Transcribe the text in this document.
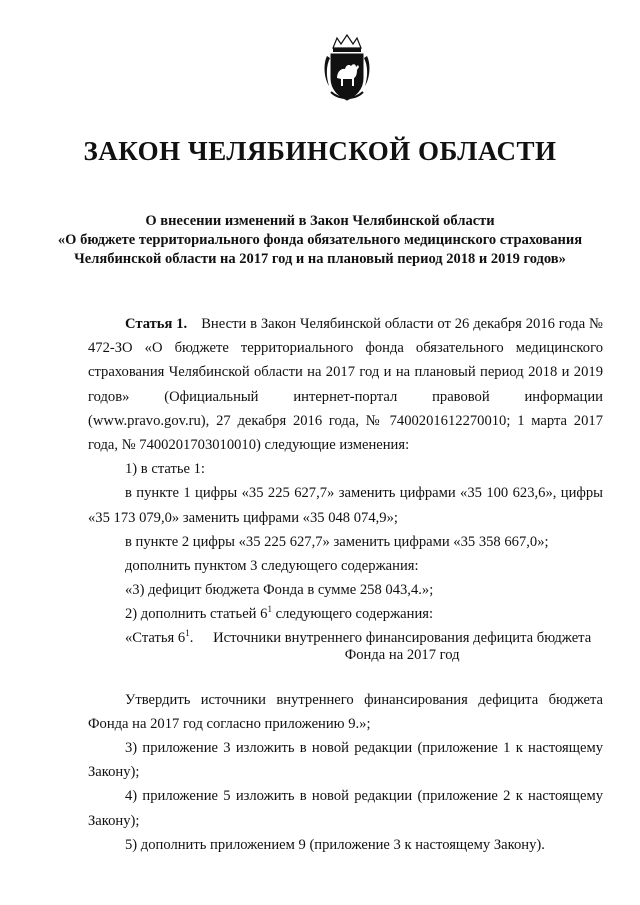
ЗАКОН ЧЕЛЯБИНСКОЙ ОБЛАСТИ
О внесении изменений в Закон Челябинской области
«О бюджете территориального фонда обязательного медицинского страхования
Челябинской области на 2017 год и на плановый период 2018 и 2019 годов»

Статья 1. Внести в Закон Челябинской области от 26 декабря 2016 года № 472-ЗО «О бюджете территориального фонда обязательного медицинского страхования Челябинской области на 2017 год и на плановый период 2018 и 2019 годов» (Официальный интернет-портал правовой информации (www.pravo.gov.ru), 27 декабря 2016 года, № 7400201612270010; 1 марта 2017 года, № 7400201703010010) следующие изменения:

1) в статье 1:

в пункте 1 цифры «35 225 627,7» заменить цифрами «35 100 623,6», цифры «35 173 079,0» заменить цифрами «35 048 074,9»;

в пункте 2 цифры «35 225 627,7» заменить цифрами «35 358 667,0»;

дополнить пунктом 3 следующего содержания:

«3) дефицит бюджета Фонда в сумме 258 043,4.»;

2) дополнить статьей $6^1$ следующего содержания:

«Статья $6^1$.	Источники внутреннего финансирования дефицита бюджета Фонда на 2017 год

Утвердить источники внутреннего финансирования дефицита бюджета Фонда на 2017 год согласно приложению 9.»;

3) приложение 3 изложить в новой редакции (приложение 1 к настоящему Закону);

4) приложение 5 изложить в новой редакции (приложение 2 к настоящему Закону);

5) дополнить приложением 9 (приложение 3 к настоящему Закону).
